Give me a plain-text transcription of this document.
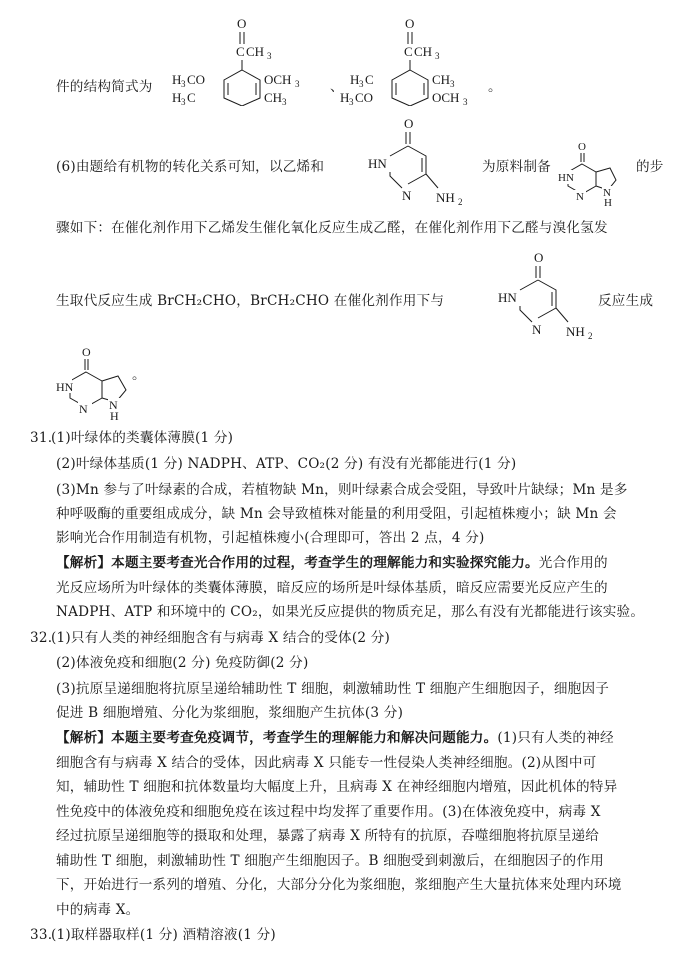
件的结构简式为
O
C CH 3
H 3 CO	OCH 3
H 3 C	CH 3
、
O
C CH 3
H 3 C	CH 3
H 3 CO	OCH 3
。
(6)由题给有机物的转化关系可知，以乙烯和
O
HN
N NH 2
为原料制备
O
HN
N N
H
的步
骤如下：在催化剂作用下乙烯发生催化氧化反应生成乙醛，在催化剂作用下乙醛与溴化氢发
生取代反应生成 BrCH₂CHO，BrCH₂CHO 在催化剂作用下与
O
HN
N NH 2
反应生成
O
HN
N N
H
。
31.
(1)叶绿体的类囊体薄膜(1 分)
(2)叶绿体基质(1 分) NADPH、ATP、CO₂(2 分) 有没有光都能进行(1 分)
(3)Mn 参与了叶绿素的合成，若植物缺 Mn，则叶绿素合成会受阻，导致叶片缺绿；Mn 是多
种呼吸酶的重要组成成分，缺 Mn 会导致植株对能量的利用受阻，引起植株瘦小；缺 Mn 会
影响光合作用制造有机物，引起植株瘦小(合理即可，答出 2 点，4 分)
【解析】本题主要考查光合作用的过程，考查学生的理解能力和实验探究能力。光合作用的
光反应场所为叶绿体的类囊体薄膜，暗反应的场所是叶绿体基质，暗反应需要光反应产生的
NADPH、ATP 和环境中的 CO₂，如果光反应提供的物质充足，那么有没有光都能进行该实验。
32.
(1)只有人类的神经细胞含有与病毒 X 结合的受体(2 分)
(2)体液免疫和细胞(2 分) 免疫防御(2 分)
(3)抗原呈递细胞将抗原呈递给辅助性 T 细胞，刺激辅助性 T 细胞产生细胞因子，细胞因子
促进 B 细胞增殖、分化为浆细胞，浆细胞产生抗体(3 分)
【解析】本题主要考查免疫调节，考查学生的理解能力和解决问题能力。(1)只有人类的神经
细胞含有与病毒 X 结合的受体，因此病毒 X 只能专一性侵染人类神经细胞。(2)从图中可
知，辅助性 T 细胞和抗体数量均大幅度上升，且病毒 X 在神经细胞内增殖，因此机体的特异
性免疫中的体液免疫和细胞免疫在该过程中均发挥了重要作用。(3)在体液免疫中，病毒 X
经过抗原呈递细胞等的摄取和处理，暴露了病毒 X 所特有的抗原，吞噬细胞将抗原呈递给
辅助性 T 细胞，刺激辅助性 T 细胞产生细胞因子。B 细胞受到刺激后，在细胞因子的作用
下，开始进行一系列的增殖、分化，大部分分化为浆细胞，浆细胞产生大量抗体来处理内环境
中的病毒 X。
33.
(1)取样器取样(1 分) 酒精溶液(1 分)
